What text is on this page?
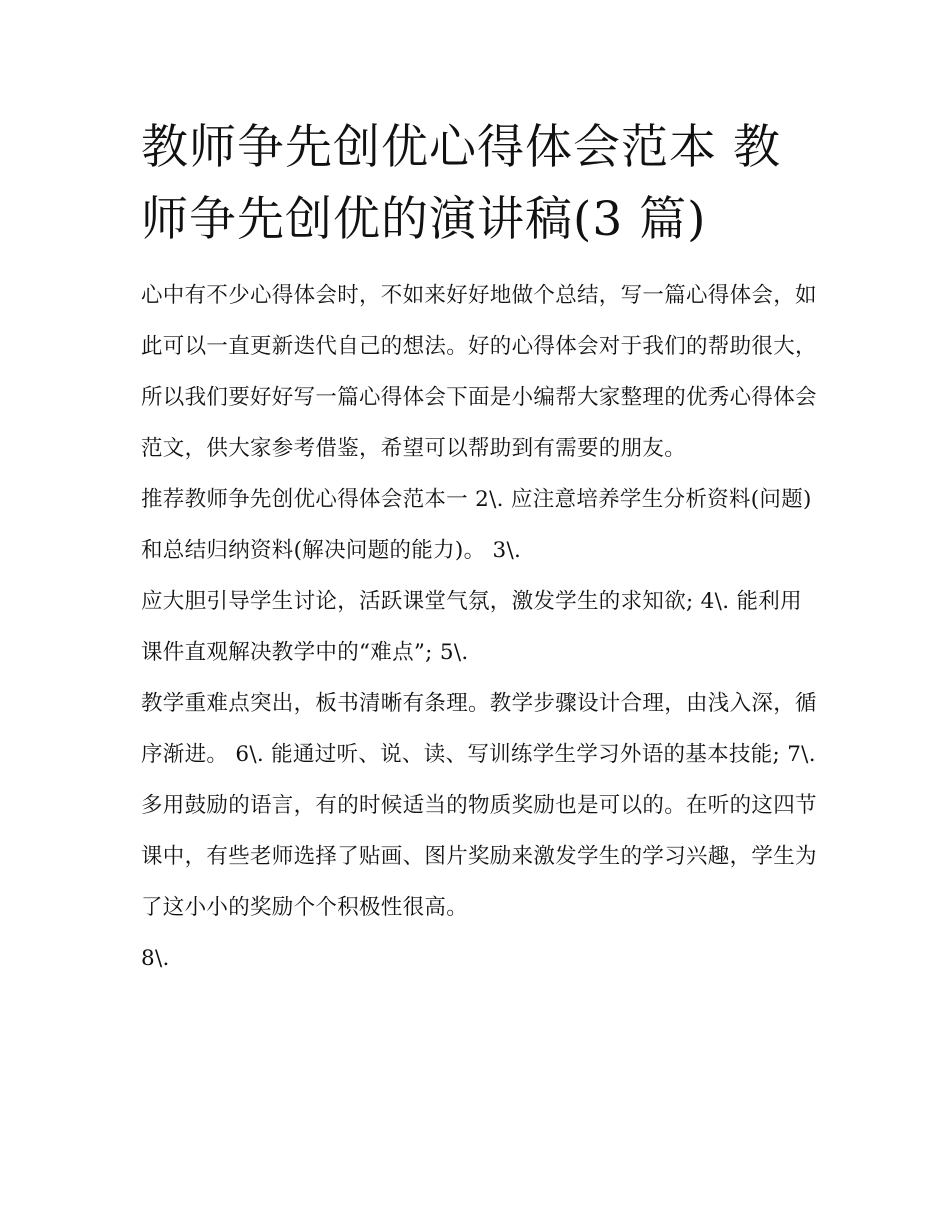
教师争先创优心得体会范本 教师争先创优的演讲稿(3 篇)

心中有不少心得体会时，不如来好好地做个总结，写一篇心得体会，如此可以一直更新迭代自己的想法。好的心得体会对于我们的帮助很大，所以我们要好好写一篇心得体会下面是小编帮大家整理的优秀心得体会范文，供大家参考借鉴，希望可以帮助到有需要的朋友。

推荐教师争先创优心得体会范本一 2\. 应注意培养学生分析资料(问题)和总结归纳资料(解决问题的能力)。 3\.

应大胆引导学生讨论，活跃课堂气氛，激发学生的求知欲; 4\. 能利用课件直观解决教学中的“难点”; 5\.

教学重难点突出，板书清晰有条理。教学步骤设计合理，由浅入深，循序渐进。 6\. 能通过听、说、读、写训练学生学习外语的基本技能; 7\.

多用鼓励的语言，有的时候适当的物质奖励也是可以的。在听的这四节课中，有些老师选择了贴画、图片奖励来激发学生的学习兴趣，学生为了这小小的奖励个个积极性很高。

8\.
